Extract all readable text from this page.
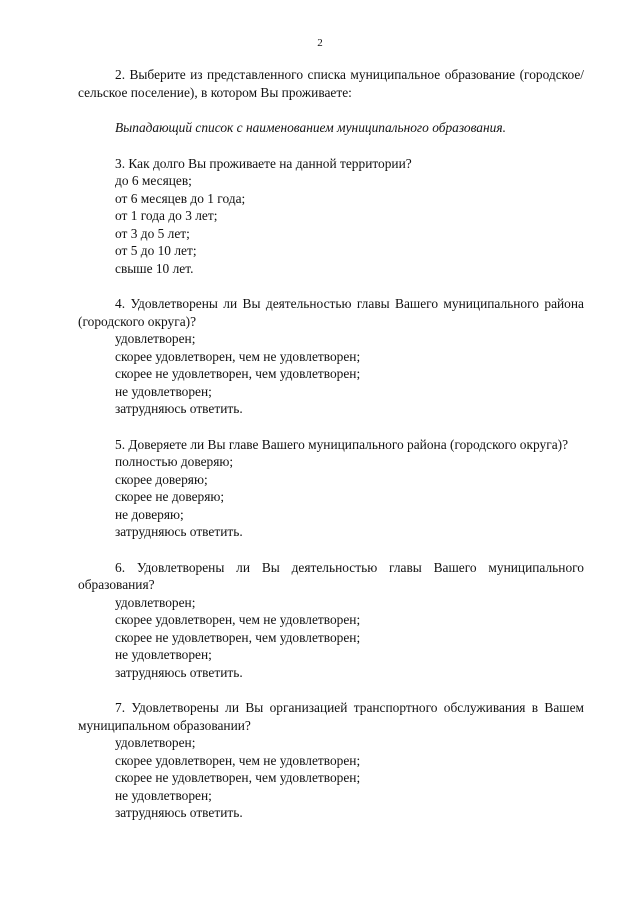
2

2. Выберите из представленного списка муниципальное образование (городское/сельское поселение), в котором Вы проживаете:

Выпадающий список с наименованием муниципального образования.

3. Как долго Вы проживаете на данной территории?

до 6 месяцев;
от 6 месяцев до 1 года;
от 1 года до 3 лет;
от 3 до 5 лет;
от 5 до 10 лет;
свыше 10 лет.

4. Удовлетворены ли Вы деятельностью главы Вашего муниципального района (городского округа)?

удовлетворен;
скорее удовлетворен, чем не удовлетворен;
скорее не удовлетворен, чем удовлетворен;
не удовлетворен;
затрудняюсь ответить.

5. Доверяете ли Вы главе Вашего муниципального района (городского округа)?

полностью доверяю;
скорее доверяю;
скорее не доверяю;
не доверяю;
затрудняюсь ответить.

6. Удовлетворены ли Вы деятельностью главы Вашего муниципального образования?

удовлетворен;
скорее удовлетворен, чем не удовлетворен;
скорее не удовлетворен, чем удовлетворен;
не удовлетворен;
затрудняюсь ответить.

7. Удовлетворены ли Вы организацией транспортного обслуживания в Вашем муниципальном образовании?

удовлетворен;
скорее удовлетворен, чем не удовлетворен;
скорее не удовлетворен, чем удовлетворен;
не удовлетворен;
затрудняюсь ответить.
